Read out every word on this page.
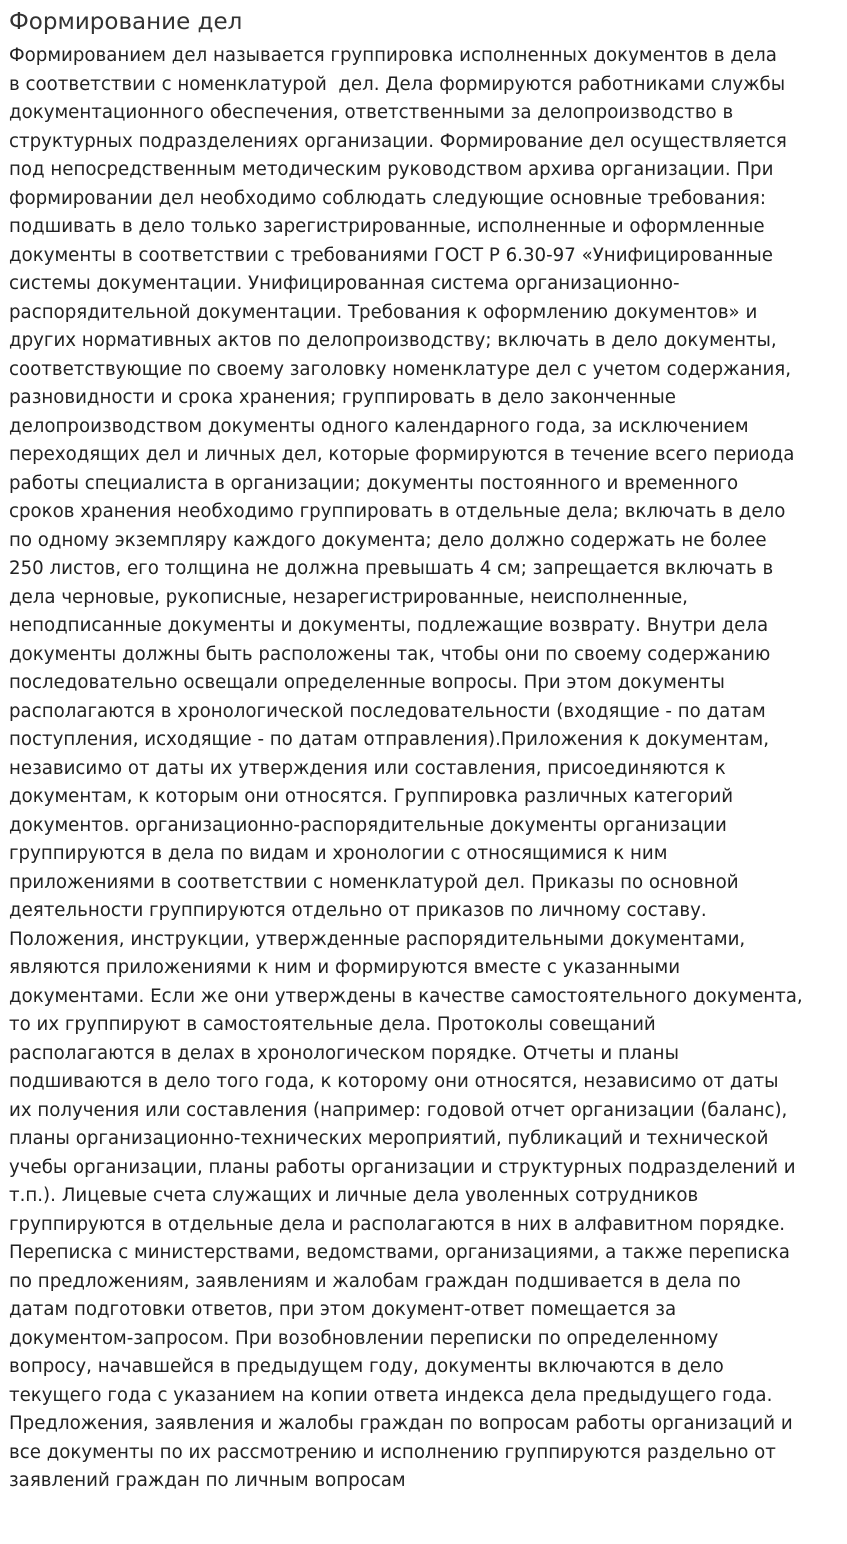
Формирование дел

Формированием дел называется группировка исполненных документов в дела
в соответствии с номенклатурой  дел. Дела формируются работниками службы
документационного обеспечения, ответственными за делопроизводство в
структурных подразделениях организации. Формирование дел осуществляется
под непосредственным методическим руководством архива организации. При
формировании дел необходимо соблюдать следующие основные требования:
подшивать в дело только зарегистрированные, исполненные и оформленные
документы в соответствии с требованиями ГОСТ Р 6.30-97 «Унифицированные
системы документации. Унифицированная система организационно-
распорядительной документации. Требования к оформлению документов» и
других нормативных актов по делопроизводству; включать в дело документы,
соответствующие по своему заголовку номенклатуре дел с учетом содержания,
разновидности и срока хранения; группировать в дело законченные
делопроизводством документы одного календарного года, за исключением
переходящих дел и личных дел, которые формируются в течение всего периода
работы специалиста в организации; документы постоянного и временного
сроков хранения необходимо группировать в отдельные дела; включать в дело
по одному экземпляру каждого документа; дело должно содержать не более
250 листов, его толщина не должна превышать 4 см; запрещается включать в
дела черновые, рукописные, незарегистрированные, неисполненные,
неподписанные документы и документы, подлежащие возврату. Внутри дела
документы должны быть расположены так, чтобы они по своему содержанию
последовательно освещали определенные вопросы. При этом документы
располагаются в хронологической последовательности (входящие - по датам
поступления, исходящие - по датам отправления).Приложения к документам,
независимо от даты их утверждения или составления, присоединяются к
документам, к которым они относятся. Группировка различных категорий
документов. организационно-распорядительные документы организации
группируются в дела по видам и хронологии с относящимися к ним
приложениями в соответствии с номенклатурой дел. Приказы по основной
деятельности группируются отдельно от приказов по личному составу.
Положения, инструкции, утвержденные распорядительными документами,
являются приложениями к ним и формируются вместе с указанными
документами. Если же они утверждены в качестве самостоятельного документа,
то их группируют в самостоятельные дела. Протоколы совещаний
располагаются в делах в хронологическом порядке. Отчеты и планы
подшиваются в дело того года, к которому они относятся, независимо от даты
их получения или составления (например: годовой отчет организации (баланс),
планы организационно-технических мероприятий, публикаций и технической
учебы организации, планы работы организации и структурных подразделений и
т.п.). Лицевые счета служащих и личные дела уволенных сотрудников
группируются в отдельные дела и располагаются в них в алфавитном порядке.
Переписка с министерствами, ведомствами, организациями, а также переписка
по предложениям, заявлениям и жалобам граждан подшивается в дела по
датам подготовки ответов, при этом документ-ответ помещается за
документом-запросом. При возобновлении переписки по определенному
вопросу, начавшейся в предыдущем году, документы включаются в дело
текущего года с указанием на копии ответа индекса дела предыдущего года.
Предложения, заявления и жалобы граждан по вопросам работы организаций и
все документы по их рассмотрению и исполнению группируются раздельно от
заявлений граждан по личным вопросам
